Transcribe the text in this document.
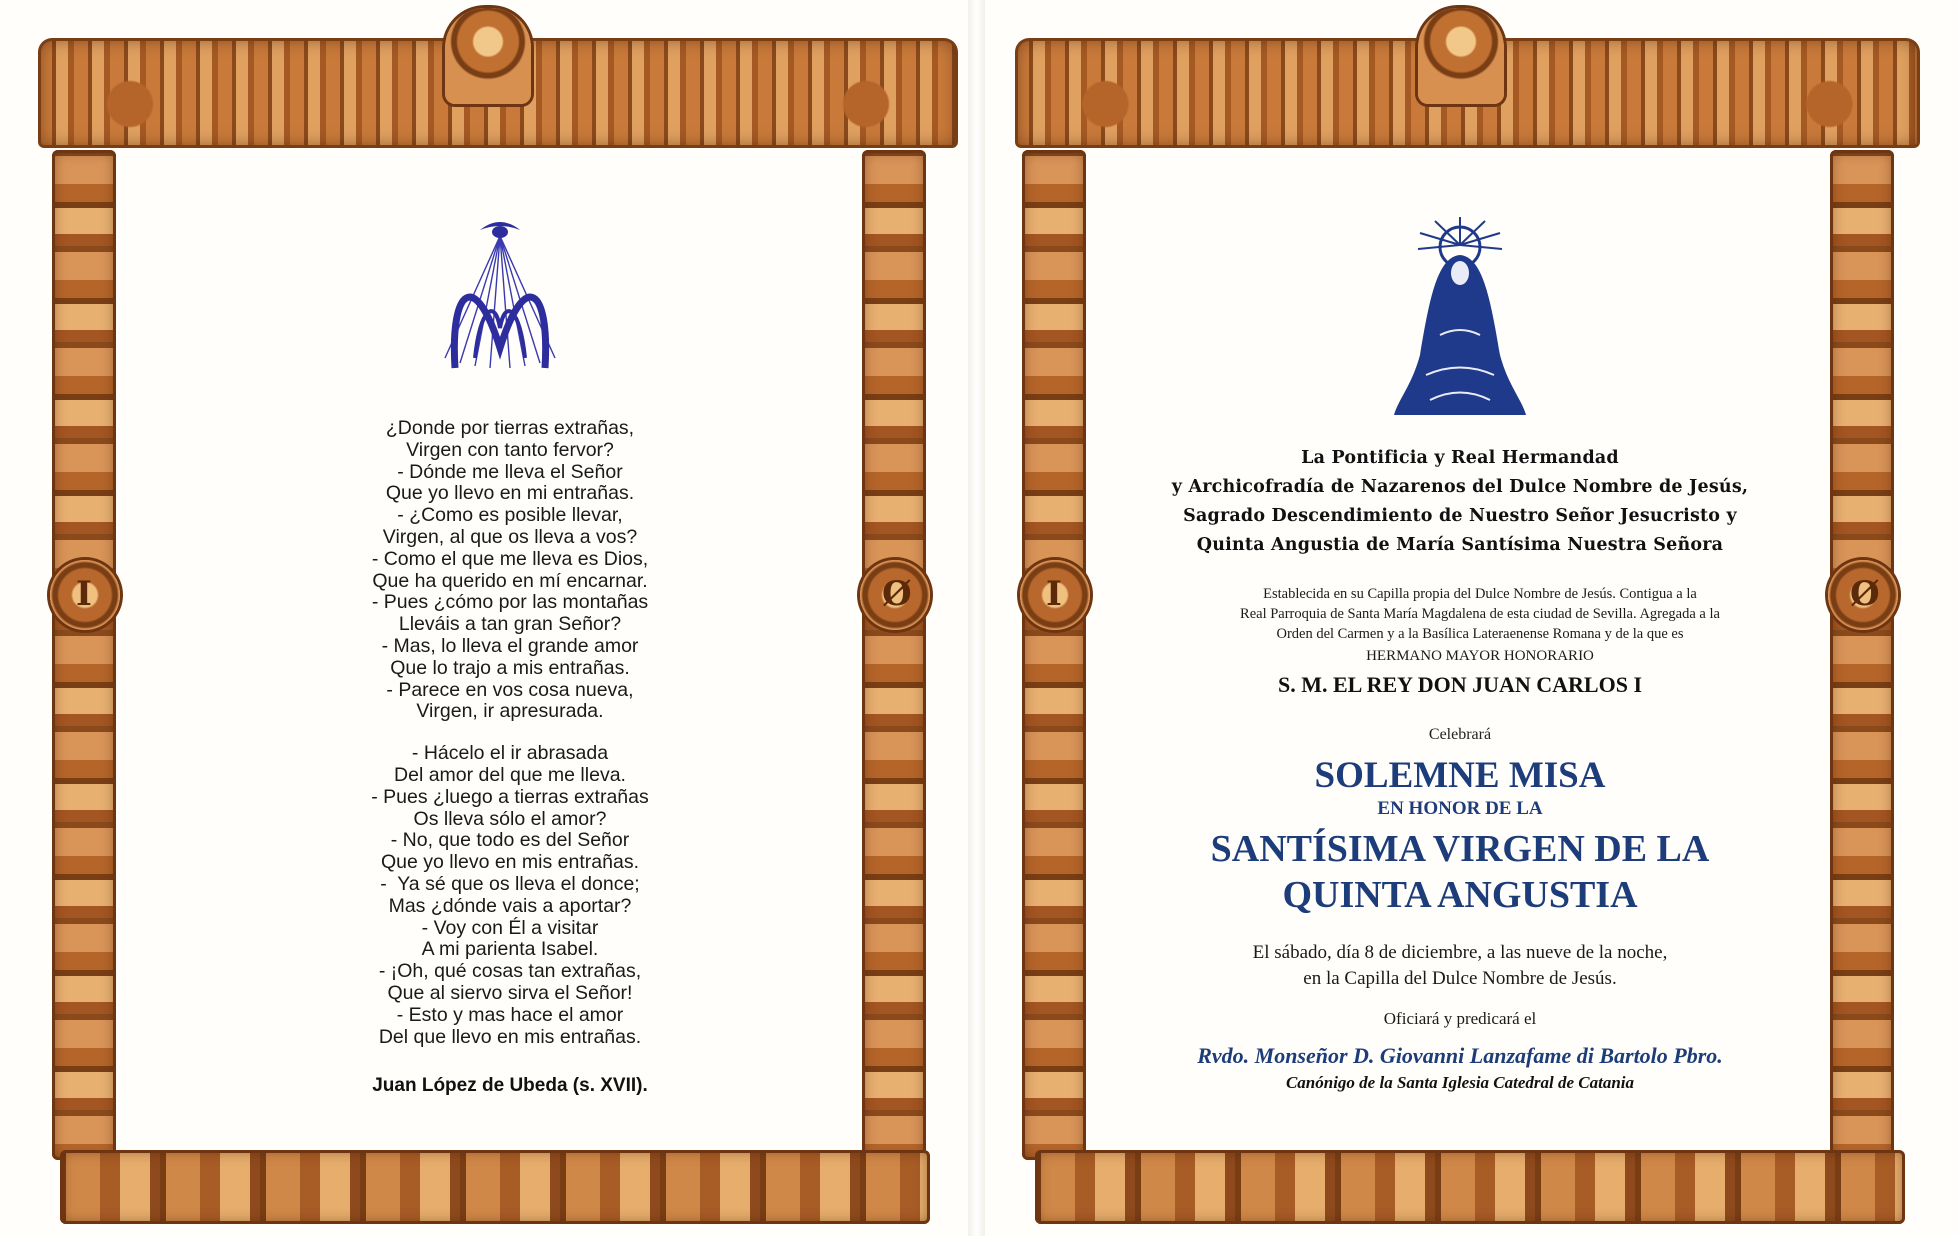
I	Ø
¿Donde por tierras extrañas,
Virgen con tanto fervor?
- Dónde me lleva el Señor
Que yo llevo en mi entrañas.
- ¿Como es posible llevar,
Virgen, al que os lleva a vos?
- Como el que me lleva es Dios,
Que ha querido en mí encarnar.
- Pues ¿cómo por las montañas
Lleváis a tan gran Señor?
- Mas, lo lleva el grande amor
Que lo trajo a mis entrañas.
- Parece en vos cosa nueva,
Virgen, ir apresurada.
- Hácelo el ir abrasada
Del amor del que me lleva.
- Pues ¿luego a tierras extrañas
Os lleva sólo el amor?
- No, que todo es del Señor
Que yo llevo en mis entrañas.
-  Ya sé que os lleva el donce;
Mas ¿dónde vais a aportar?
- Voy con Él a visitar
A mi parienta Isabel.
- ¡Oh, qué cosas tan extrañas,
Que al siervo sirva el Señor!
- Esto y mas hace el amor
Del que llevo en mis entrañas.
Juan López de Ubeda (s. XVII).
I	Ø
La Pontificia y Real Hermandad
y Archicofradía de Nazarenos del Dulce Nombre de Jesús,
Sagrado Descendimiento de Nuestro Señor Jesucristo y
Quinta Angustia de María Santísima Nuestra Señora
Establecida en su Capilla propia del Dulce Nombre de Jesús. Contigua a la
Real Parroquia de Santa María Magdalena de esta ciudad de Sevilla. Agregada a la
Orden del Carmen y a la Basílica Lateraenense Romana y de la que es
HERMANO MAYOR HONORARIO
S. M. EL REY DON JUAN CARLOS I
Celebrará
SOLEMNE MISA
EN HONOR DE LA
SANTÍSIMA VIRGEN DE LA
QUINTA ANGUSTIA
El sábado, día 8 de diciembre, a las nueve de la noche,
en la Capilla del Dulce Nombre de Jesús.
Oficiará y predicará el
Rvdo. Monseñor D. Giovanni Lanzafame di Bartolo Pbro.
Canónigo de la Santa Iglesia Catedral de Catania
